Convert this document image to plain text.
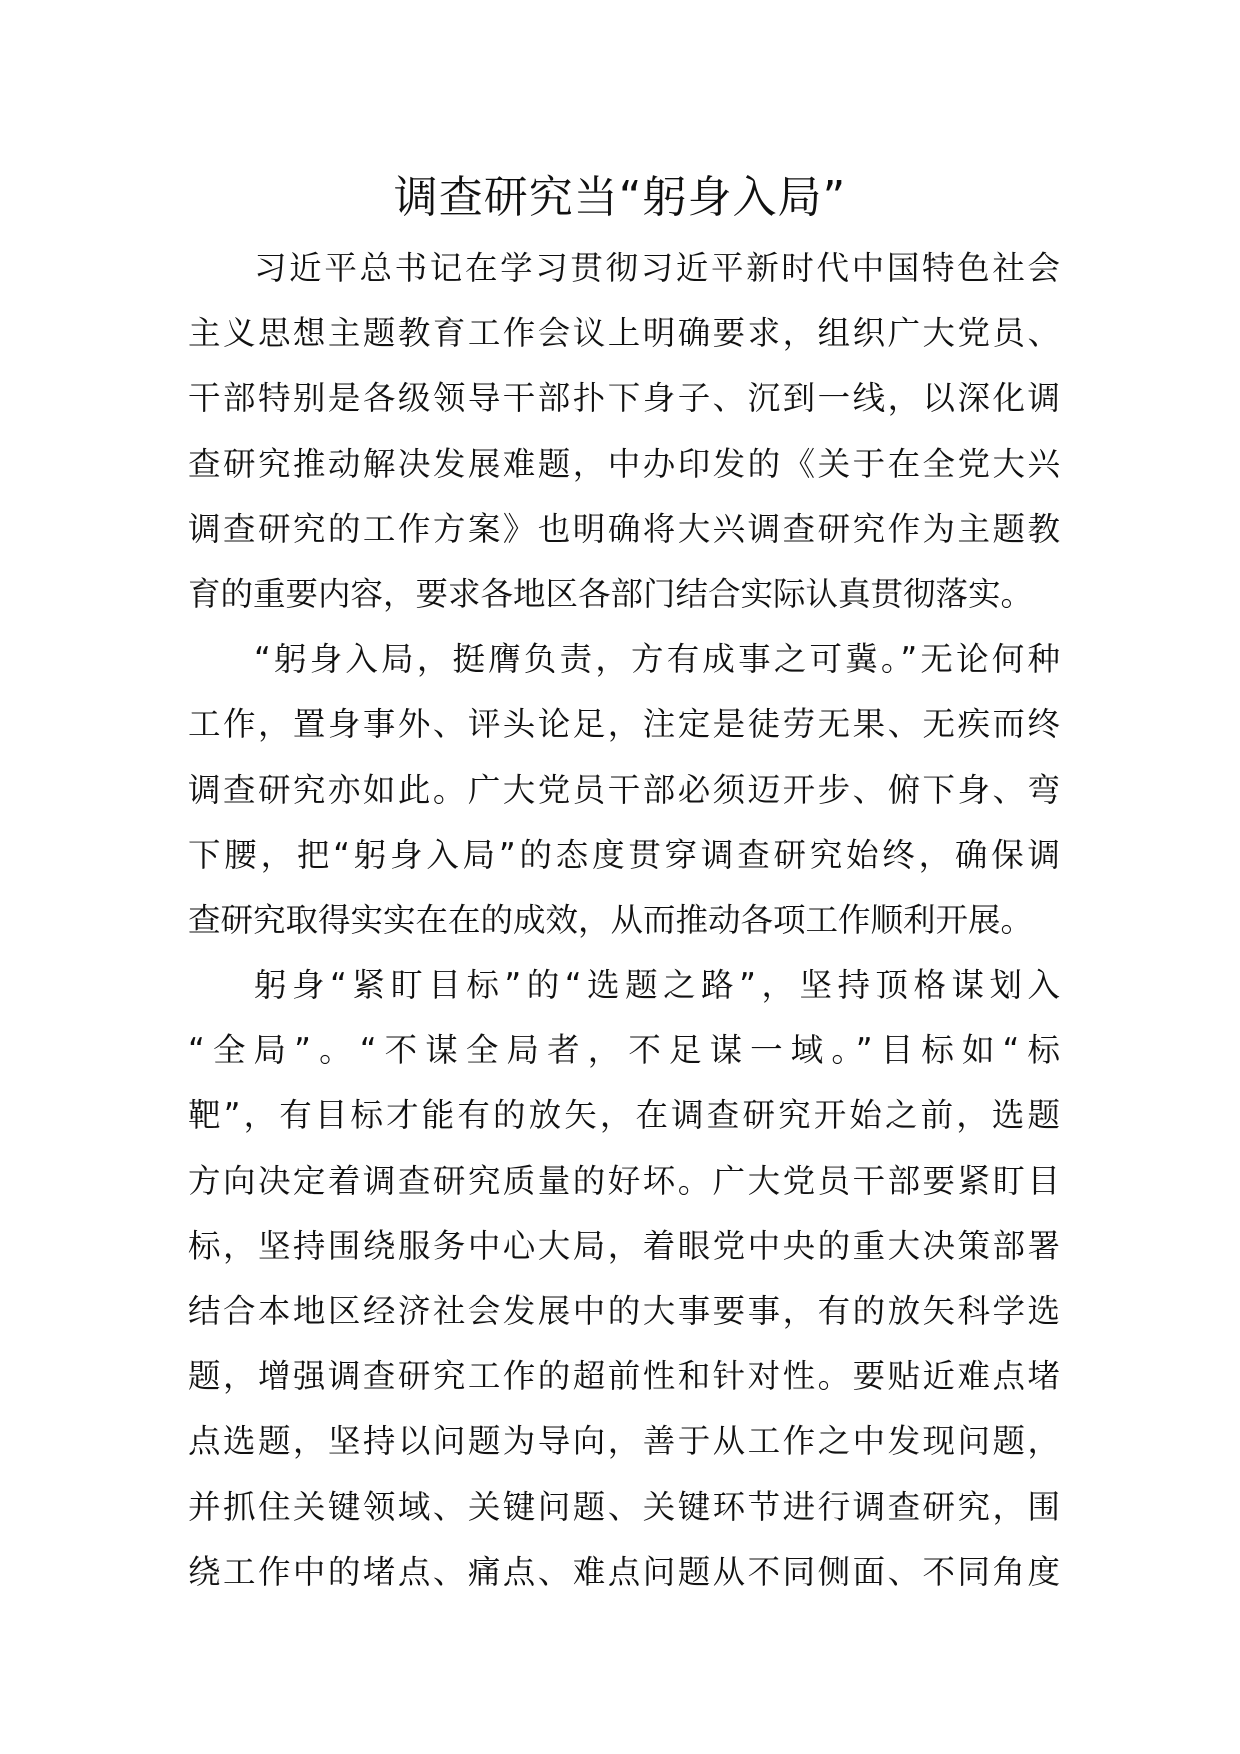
调查研究当“躬身入局”
习近平总书记在学习贯彻习近平新时代中国特色社会
主义思想主题教育工作会议上明确要求，组织广大党员、
干部特别是各级领导干部扑下身子、沉到一线，以深化调
查研究推动解决发展难题，中办印发的《关于在全党大兴
调查研究的工作方案》也明确将大兴调查研究作为主题教
育的重要内容，要求各地区各部门结合实际认真贯彻落实。
“躬身入局，挺膺负责，方有成事之可冀。”无论何种
工作，置身事外、评头论足，注定是徒劳无果、无疾而终
调查研究亦如此。广大党员干部必须迈开步、俯下身、弯
下腰，把“躬身入局”的态度贯穿调查研究始终，确保调
查研究取得实实在在的成效，从而推动各项工作顺利开展。
躬身“紧盯目标”的“选题之路”，坚持顶格谋划入
“全局”。“不谋全局者，不足谋一域。”目标如“标
靶”，有目标才能有的放矢，在调查研究开始之前，选题
方向决定着调查研究质量的好坏。广大党员干部要紧盯目
标，坚持围绕服务中心大局，着眼党中央的重大决策部署
结合本地区经济社会发展中的大事要事，有的放矢科学选
题，增强调查研究工作的超前性和针对性。要贴近难点堵
点选题，坚持以问题为导向，善于从工作之中发现问题，
并抓住关键领域、关键问题、关键环节进行调查研究，围
绕工作中的堵点、痛点、难点问题从不同侧面、不同角度
